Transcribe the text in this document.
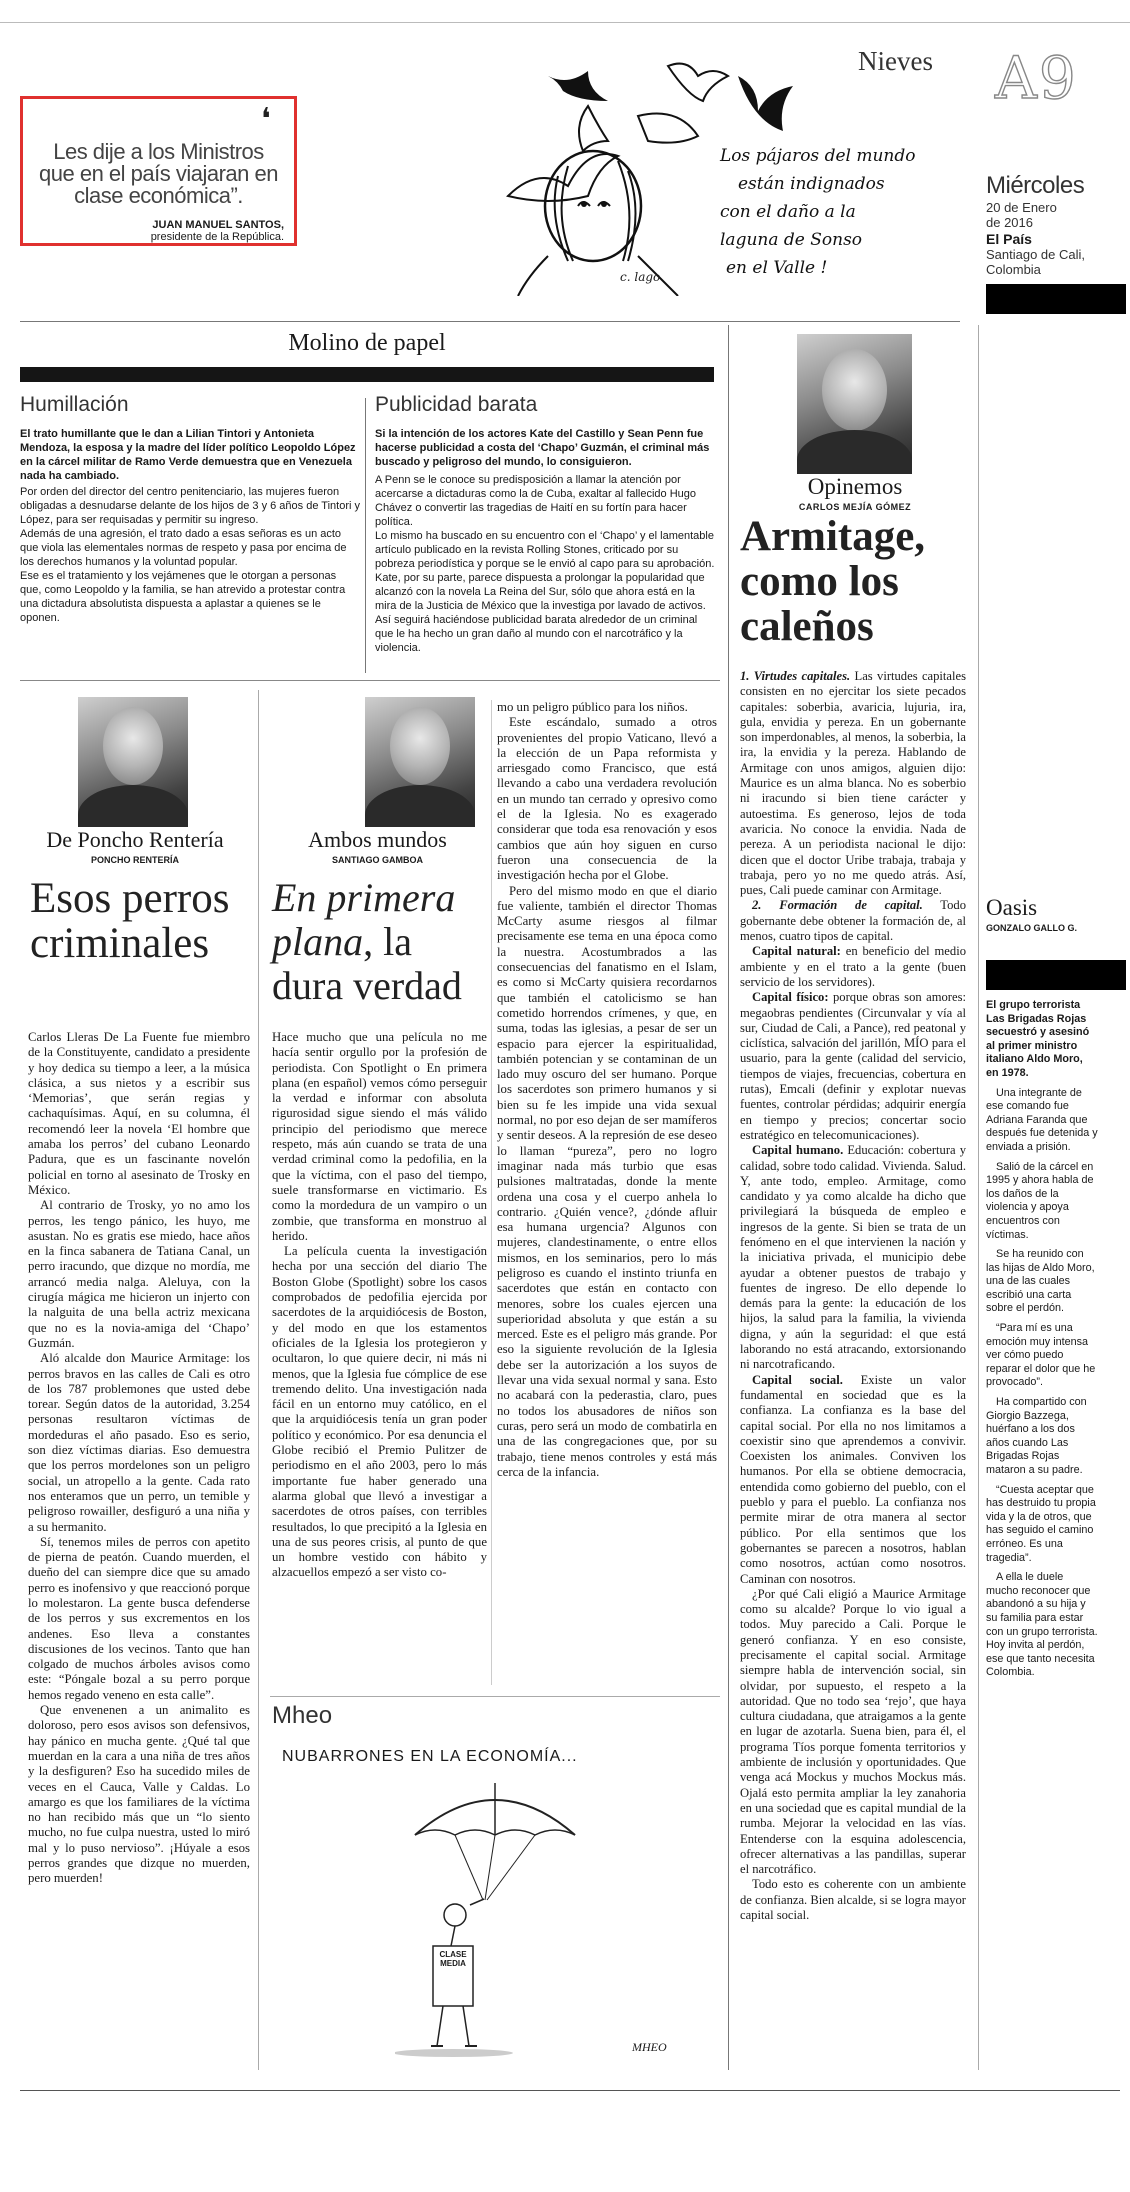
Nieves A9
Miércoles
20 de Enero de 2016
El País
Santiago de Cali, Colombia
❛
Les dije a los Ministros que en el país viajaran en clase económica”.
JUAN MANUEL SANTOS,
presidente de la República.
Los pájaros del mundo
están indignados
con el daño a la
laguna de Sonso
en el Valle !
c. lago
Molino de papel
Humillación
El trato humillante que le dan a Lilian Tintori y Antonieta Mendoza, la esposa y la madre del líder político Leopoldo López en la cárcel militar de Ramo Verde demuestra que en Venezuela nada ha cambiado.
Por orden del director del centro penitenciario, las mujeres fueron obligadas a desnudarse delante de los hijos de 3 y 6 años de Tintori y López, para ser requisadas y permitir su ingreso.
Además de una agresión, el trato dado a esas señoras es un acto que viola las elementales normas de respeto y pasa por encima de los derechos humanos y la voluntad popular.
Ese es el tratamiento y los vejámenes que le otorgan a personas que, como Leopoldo y la familia, se han atrevido a protestar contra una dictadura absolutista dispuesta a aplastar a quienes se le oponen.
Publicidad barata
Si la intención de los actores Kate del Castillo y Sean Penn fue hacerse publicidad a costa del ‘Chapo’ Guzmán, el criminal más buscado y peligroso del mundo, lo consiguieron.
A Penn se le conoce su predisposición a llamar la atención por acercarse a dictaduras como la de Cuba, exaltar al fallecido Hugo Chávez o convertir las tragedias de Haití en su fortín para hacer política.
Lo mismo ha buscado en su encuentro con el ‘Chapo’ y el lamentable artículo publicado en la revista Rolling Stones, criticado por su pobreza periodística y porque se le envió al capo para su aprobación. Kate, por su parte, parece dispuesta a prolongar la popularidad que alcanzó con la novela La Reina del Sur, sólo que ahora está en la mira de la Justicia de México que la investiga por lavado de activos.
Así seguirá haciéndose publicidad barata alrededor de un criminal que le ha hecho un gran daño al mundo con el narcotráfico y la violencia.
Opinemos
CARLOS MEJÍA GÓMEZ
Armitage, como los caleños

1. Virtudes capitales. Las virtudes capitales consisten en no ejercitar los siete pecados capitales: soberbia, avaricia, lujuria, ira, gula, envidia y pereza. En un gobernante son imperdonables, al menos, la soberbia, la ira, la envidia y la pereza. Hablando de Armitage con unos amigos, alguien dijo: Maurice es un alma blanca. No es soberbio ni iracundo si bien tiene carácter y autoestima. Es generoso, lejos de toda avaricia. No conoce la envidia. Nada de pereza. A un periodista nacional le dijo: dicen que el doctor Uribe trabaja, trabaja y trabaja, pero yo no me quedo atrás. Así, pues, Cali puede caminar con Armitage.

2. Formación de capital. Todo gobernante debe obtener la formación de, al menos, cuatro tipos de capital.

Capital natural: en beneficio del medio ambiente y en el trato a la gente (buen servicio de los servidores).

Capital físico: porque obras son amores: megaobras pendientes (Circunvalar y vía al sur, Ciudad de Cali, a Pance), red peatonal y ciclística, salvación del jarillón, MÍO para el usuario, para la gente (calidad del servicio, tiempos de viajes, frecuencias, cobertura en rutas), Emcali (definir y explotar nuevas fuentes, controlar pérdidas; adquirir energía en tiempo y precios; concertar socio estratégico en telecomunicaciones).

Capital humano. Educación: cobertura y calidad, sobre todo calidad. Vivienda. Salud. Y, ante todo, empleo. Armitage, como candidato y ya como alcalde ha dicho que privilegiará la búsqueda de empleo e ingresos de la gente. Si bien se trata de un fenómeno en el que intervienen la nación y la iniciativa privada, el municipio debe ayudar a obtener puestos de trabajo y fuentes de ingreso. De ello depende lo demás para la gente: la educación de los hijos, la salud para la familia, la vivienda digna, y aún la seguridad: el que está laborando no está atracando, extorsionando ni narcotraficando.

Capital social. Existe un valor fundamental en sociedad que es la confianza. La confianza es la base del capital social. Por ella no nos limitamos a coexistir sino que aprendemos a convivir. Coexisten los animales. Conviven los humanos. Por ella se obtiene democracia, entendida como gobierno del pueblo, con el pueblo y para el pueblo. La confianza nos permite mirar de otra manera al sector público. Por ella sentimos que los gobernantes se parecen a nosotros, hablan como nosotros, actúan como nosotros. Caminan con nosotros.

¿Por qué Cali eligió a Maurice Armitage como su alcalde? Porque lo vio igual a todos. Muy parecido a Cali. Porque le generó confianza. Y en eso consiste, precisamente el capital social. Armitage siempre habla de intervención social, sin olvidar, por supuesto, el respeto a la autoridad. Que no todo sea ‘rejo’, que haya cultura ciudadana, que atraigamos a la gente en lugar de azotarla. Suena bien, para él, el programa Tíos porque fomenta territorios y ambiente de inclusión y oportunidades. Que venga acá Mockus y muchos Mockus más. Ojalá esto permita ampliar la ley zanahoria en una sociedad que es capital mundial de la rumba. Mejorar la velocidad en las vías. Entenderse con la esquina adolescencia, ofrecer alternativas a las pandillas, superar el narcotráfico.

Todo esto es coherente con un ambiente de confianza. Bien alcalde, si se logra mayor capital social.

Oasis
GONZALO GALLO G.
El grupo terrorista Las Brigadas Rojas secuestró y asesinó al primer ministro italiano Aldo Moro, en 1978.
Una integrante de ese comando fue Adriana Faranda que después fue detenida y enviada a prisión.
Salió de la cárcel en 1995 y ahora habla de los daños de la violencia y apoya encuentros con víctimas.
Se ha reunido con las hijas de Aldo Moro, una de las cuales escribió una carta sobre el perdón.
“Para mí es una emoción muy intensa ver cómo puedo reparar el dolor que he provocado”.
Ha compartido con Giorgio Bazzega, huérfano a los dos años cuando Las Brigadas Rojas mataron a su padre.
“Cuesta aceptar que has destruido tu propia vida y la de otros, que has seguido el camino erróneo. Es una tragedia”.
A ella le duele mucho reconocer que abandonó a su hija y su familia para estar con un grupo terrorista. Hoy invita al perdón, ese que tanto necesita Colombia.
De Poncho Rentería
PONCHO RENTERÍA
Esos perros criminales

Carlos Lleras De La Fuente fue miembro de la Constituyente, candidato a presidente y hoy dedica su tiempo a leer, a la música clásica, a sus nietos y a escribir sus ‘Memorias’, que serán regias y cachaquísimas. Aquí, en su columna, él recomendó leer la novela ‘El hombre que amaba los perros’ del cubano Leonardo Padura, que es un fascinante novelón policial en torno al asesinato de Trosky en México.

Al contrario de Trosky, yo no amo los perros, les tengo pánico, les huyo, me asustan. No es gratis ese miedo, hace años en la finca sabanera de Tatiana Canal, un perro iracundo, que dizque no mordía, me arrancó media nalga. Aleluya, con la cirugía mágica me hicieron un injerto con la nalguita de una bella actriz mexicana que no es la novia-amiga del ‘Chapo’ Guzmán.

Aló alcalde don Maurice Armitage: los perros bravos en las calles de Cali es otro de los 787 problemones que usted debe torear. Según datos de la autoridad, 3.254 personas resultaron víctimas de mordeduras el año pasado. Eso es serio, son diez víctimas diarias. Eso demuestra que los perros mordelones son un peligro social, un atropello a la gente. Cada rato nos enteramos que un perro, un temible y peligroso rowailler, desfiguró a una niña y a su hermanito.

Sí, tenemos miles de perros con apetito de pierna de peatón. Cuando muerden, el dueño del can siempre dice que su amado perro es inofensivo y que reaccionó porque lo molestaron. La gente busca defenderse de los perros y sus excrementos en los andenes. Eso lleva a constantes discusiones de los vecinos. Tanto que han colgado de muchos árboles avisos como este: “Póngale bozal a su perro porque hemos regado veneno en esta calle”.

Que envenenen a un animalito es doloroso, pero esos avisos son defensivos, hay pánico en mucha gente. ¿Qué tal que muerdan en la cara a una niña de tres años y la desfiguren? Eso ha sucedido miles de veces en el Cauca, Valle y Caldas. Lo amargo es que los familiares de la víctima no han recibido más que un “lo siento mucho, no fue culpa nuestra, usted lo miró mal y lo puso nervioso”. ¡Húyale a esos perros grandes que dizque no muerden, pero muerden!

Ambos mundos
SANTIAGO GAMBOA
En primera plana, la dura verdad

Hace mucho que una película no me hacía sentir orgullo por la profesión de periodista. Con Spotlight o En primera plana (en español) vemos cómo perseguir la verdad e informar con absoluta rigurosidad sigue siendo el más válido principio del periodismo que merece respeto, más aún cuando se trata de una verdad criminal como la pedofilia, en la que la víctima, con el paso del tiempo, suele transformarse en victimario. Es como la mordedura de un vampiro o un zombie, que transforma en monstruo al herido.

La película cuenta la investigación hecha por una sección del diario The Boston Globe (Spotlight) sobre los casos comprobados de pedofilia ejercida por sacerdotes de la arquidiócesis de Boston, y del modo en que los estamentos oficiales de la Iglesia los protegieron y ocultaron, lo que quiere decir, ni más ni menos, que la Iglesia fue cómplice de ese tremendo delito. Una investigación nada fácil en un entorno muy católico, en el que la arquidiócesis tenía un gran poder político y económico. Por esa denuncia el Globe recibió el Premio Pulitzer de periodismo en el año 2003, pero lo más importante fue haber generado una alarma global que llevó a investigar a sacerdotes de otros países, con terribles resultados, lo que precipitó a la Iglesia en una de sus peores crisis, al punto de que un hombre vestido con hábito y alzacuellos empezó a ser visto co-

mo un peligro público para los niños.

Este escándalo, sumado a otros provenientes del propio Vaticano, llevó a la elección de un Papa reformista y arriesgado como Francisco, que está llevando a cabo una verdadera revolución en un mundo tan cerrado y opresivo como el de la Iglesia. No es exagerado considerar que toda esa renovación y esos cambios que aún hoy siguen en curso fueron una consecuencia de la investigación hecha por el Globe.

Pero del mismo modo en que el diario fue valiente, también el director Thomas McCarty asume riesgos al filmar precisamente ese tema en una época como la nuestra. Acostumbrados a las consecuencias del fanatismo en el Islam, es como si McCarty quisiera recordarnos que también el catolicismo se han cometido horrendos crímenes, y que, en suma, todas las iglesias, a pesar de ser un espacio para ejercer la espiritualidad, también potencian y se contaminan de un lado muy oscuro del ser humano. Porque los sacerdotes son primero humanos y si bien su fe les impide una vida sexual normal, no por eso dejan de ser mamíferos y sentir deseos. A la represión de ese deseo lo llaman “pureza”, pero no logro imaginar nada más turbio que esas pulsiones maltratadas, donde la mente ordena una cosa y el cuerpo anhela lo contrario. ¿Quién vence?, ¿dónde afluir esa humana urgencia? Algunos con mujeres, clandestinamente, o entre ellos mismos, en los seminarios, pero lo más peligroso es cuando el instinto triunfa en sacerdotes que están en contacto con menores, sobre los cuales ejercen una superioridad absoluta y que están a su merced. Este es el peligro más grande. Por eso la siguiente revolución de la Iglesia debe ser la autorización a los suyos de llevar una vida sexual normal y sana. Esto no acabará con la pederastia, claro, pues no todos los abusadores de niños son curas, pero será un modo de combatirla en una de las congregaciones que, por su trabajo, tiene menos controles y está más cerca de la infancia.

Mheo
NUBARRONES EN LA ECONOMÍA...
CLASE MEDIA
MHEO
